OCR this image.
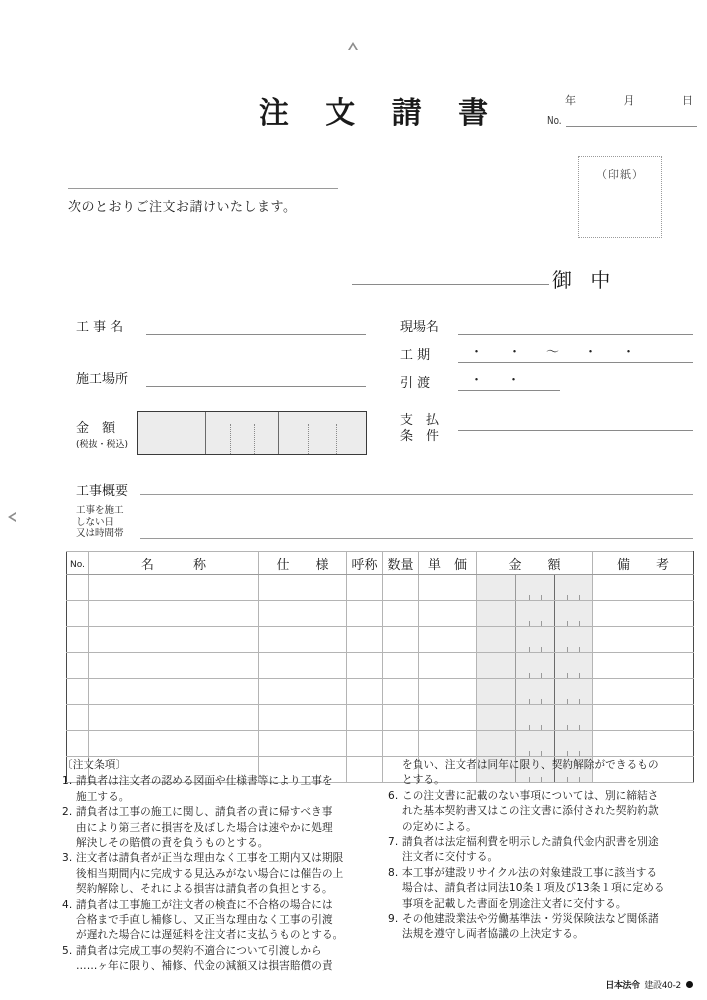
注 文 請 書	年	月	日
No.
（印紙）
次のとおりご注文お請けいたします。
御 中
工 事 名
施工場所
現場名
工 期	・ ・ 〜 ・ ・
引 渡	・ ・
金　額
(税抜・税込)
支　払
条　件
工事概要
工事を施工
しない日
又は時間帯
No.	名　　　称	仕　　様	呼称	数量	単　価	金　　額	備　　考

〔注文条項〕
1. 請負者は注文者の認める図面や仕様書等により工事を
施工する。
2. 請負者は工事の施工に関し、請負者の責に帰すべき事
由により第三者に損害を及ぼした場合は速やかに処理
解決しその賠償の責を負うものとする。
3. 注文者は請負者が正当な理由なく工事を工期内又は期限
後相当期間内に完成する見込みがない場合には催告の上
契約解除し、それによる損害は請負者の負担とする。
4. 請負者は工事施工が注文者の検査に不合格の場合には
合格まで手直し補修し、又正当な理由なく工事の引渡
が遅れた場合には遅延料を注文者に支払うものとする。
5. 請負者は完成工事の契約不適合について引渡しから
……ヶ年に限り、補修、代金の減額又は損害賠償の責
を負い、注文者は同年に限り、契約解除ができるもの
とする。
6. この注文書に記載のない事項については、別に締結さ
れた基本契約書又はこの注文書に添付された契約約款
の定めによる。
7. 請負者は法定福利費を明示した請負代金内訳書を別途
注文者に交付する。
8. 本工事が建設リサイクル法の対象建設工事に該当する
場合は、請負者は同法10条１項及び13条１項に定める
事項を記載した書面を別途注文者に交付する。
9. その他建設業法や労働基準法・労災保険法など関係諸
法規を遵守し両者協議の上決定する。
日本法令 建設40-2
